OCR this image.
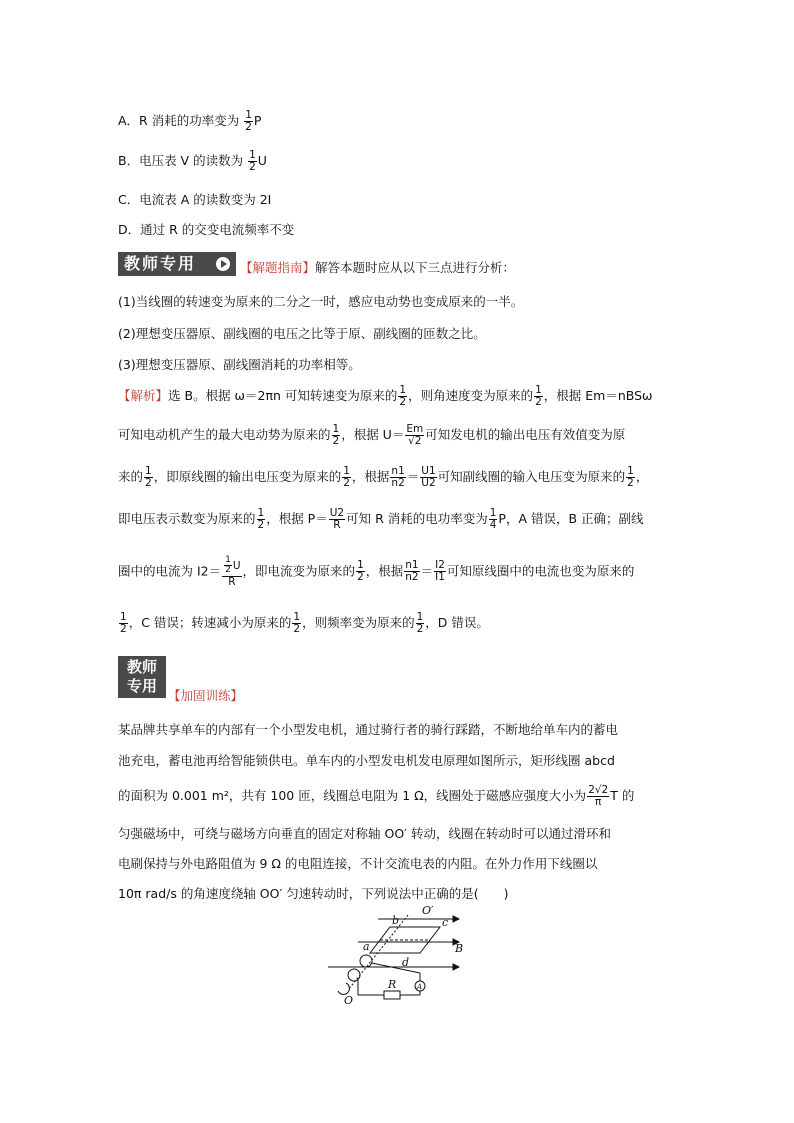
A．R 消耗的功率变为 $\frac{1}{2}$ P
B．电压表 V 的读数为 $\frac{1}{2}$ U
C．电流表 A 的读数变为 2I
D．通过 R 的交变电流频率不变
教师专用	【解题指南】解答本题时应从以下三点进行分析：
(1)当线圈的转速变为原来的二分之一时，感应电动势也变成原来的一半。
(2)理想变压器原、副线圈的电压之比等于原、副线圈的匝数之比。
(3)理想变压器原、副线圈消耗的功率相等。
【解析】选 B。根据 ω＝2πn 可知转速变为原来的 $\frac{1}{2}$ ，则角速度变为原来的 $\frac{1}{2}$ ，根据 Em＝nBSω
可知电动机产生的最大电动势为原来的 $\frac{1}{2}$ ，根据 $U= \frac{Em}{√2}$ 可知发电机的输出电压有效值变为原
来的 $\frac{1}{2}$ ，即原线圈的输出电压变为原来的 $\frac{1}{2}$ ，根据 $\frac{n1}{n2} = \frac{U1}{U2}$ 可知副线圈的输入电压变为原来的 $\frac{1}{2}$ ，
即电压表示数变为原来的 $\frac{1}{2}$ ，根据 $P= \frac{U2}{R}$ 可知 R 消耗的电功率变为 $\frac{1}{4}$ P，A 错误，B 正确；副线
圈中的电流为 $I2= \frac{\frac{1}{2} U}{R}$ ，即电流变为原来的 $\frac{1}{2}$ ，根据 $\frac{n1}{n2} = \frac{I2}{I1}$ 可知原线圈中的电流也变为原来的
$\frac{1}{2}$ ，C 错误；转速减小为原来的 $\frac{1}{2}$ ，则频率变为原来的 $\frac{1}{2}$ ，D 错误。
教师
专用
【加固训练】
某品牌共享单车的内部有一个小型发电机，通过骑行者的骑行踩踏，不断地给单车内的蓄电
池充电，蓄电池再给智能锁供电。单车内的小型发电机发电原理如图所示，矩形线圈 abcd
的面积为 0.001 m²，共有 100 匝，线圈总电阻为 1 Ω，线圈处于磁感应强度大小为 $\frac{2√2}{\pi}$ T 的
匀强磁场中，可绕与磁场方向垂直的固定对称轴 OO′ 转动，线圈在转动时可以通过滑环和
电刷保持与外电路阻值为 9 Ω 的电阻连接，不计交流电表的内阻。在外力作用下线圈以
10π rad/s 的角速度绕轴 OO′ 匀速转动时，下列说法中正确的是(　　)
O′
a
b	c
d
B
R
O
A
